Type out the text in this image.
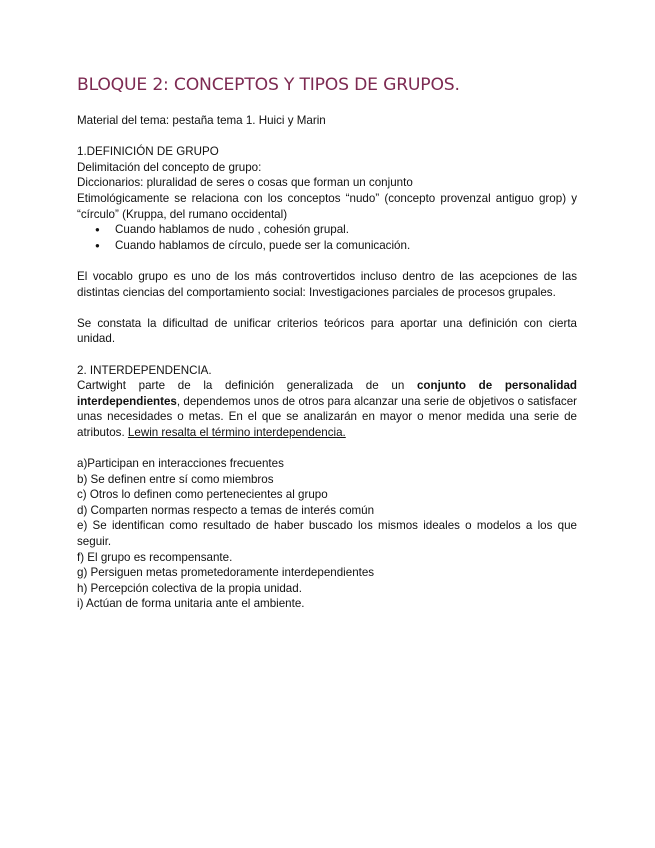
BLOQUE 2: CONCEPTOS Y TIPOS DE GRUPOS.

Material del tema: pestaña tema 1. Huici y Marin

1.DEFINICIÓN DE GRUPO

Delimitación del concepto de grupo:

Diccionarios: pluralidad de seres o cosas que forman un conjunto

Etimológicamente se relaciona con los conceptos “nudo” (concepto provenzal antiguo grop) y

“círculo” (Kruppa, del rumano occidental)

● Cuando hablamos de nudo , cohesión grupal.
● Cuando hablamos de círculo, puede ser la comunicación.

El vocablo grupo es uno de los más controvertidos incluso dentro de las acepciones de las distintas ciencias del comportamiento social: Investigaciones parciales de procesos grupales.

Se constata la dificultad de unificar criterios teóricos para aportar una definición con cierta unidad.

2. INTERDEPENDENCIA.

Cartwight parte de la definición generalizada de un conjunto de personalidad interdependientes, dependemos unos de otros para alcanzar una serie de objetivos o satisfacer unas necesidades o metas. En el que se analizarán en mayor o menor medida una serie de atributos. Lewin resalta el término interdependencia.

a)Participan en interacciones frecuentes

b) Se definen entre sí como miembros

c) Otros lo definen como pertenecientes al grupo

d) Comparten normas respecto a temas de interés común

e) Se identifican como resultado de haber buscado los mismos ideales o modelos a los que seguir.

f) El grupo es recompensante.

g) Persiguen metas prometedoramente interdependientes

h) Percepción colectiva de la propia unidad.

i) Actúan de forma unitaria ante el ambiente.
